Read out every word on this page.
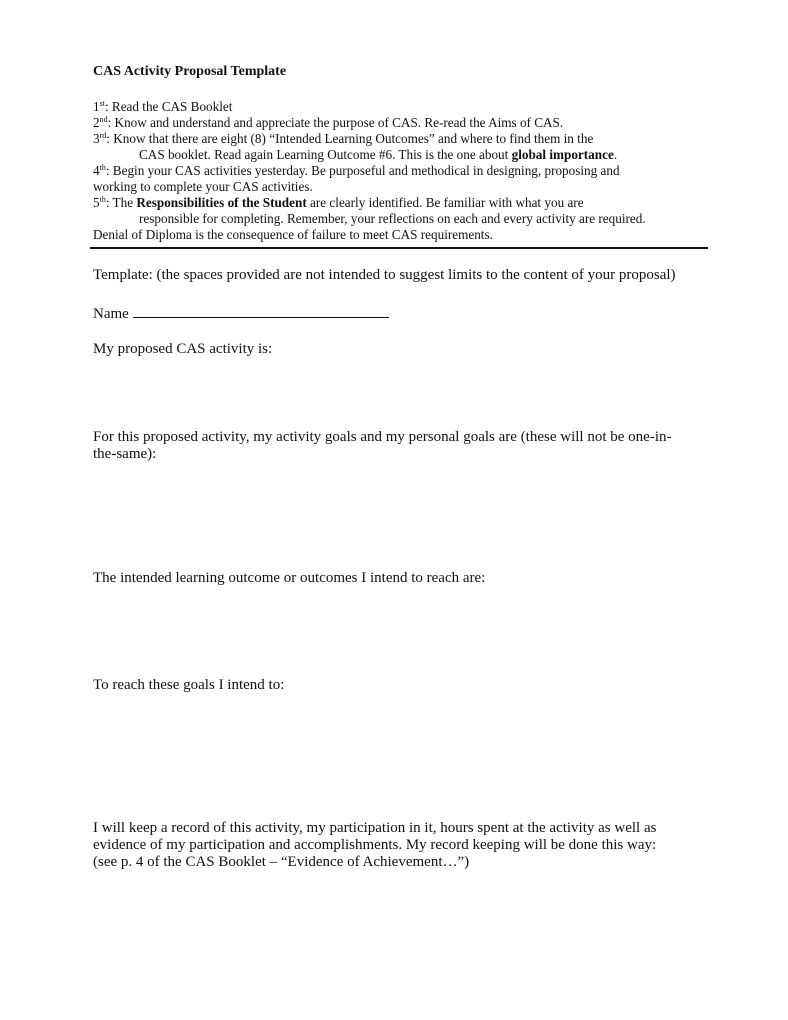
CAS Activity Proposal Template

1st: Read the CAS Booklet

2nd: Know and understand and appreciate the purpose of CAS. Re-read the Aims of CAS.

3rd: Know that there are eight (8) “Intended Learning Outcomes” and where to find them in the

CAS booklet. Read again Learning Outcome #6. This is the one about global importance.

4th: Begin your CAS activities yesterday. Be purposeful and methodical in designing, proposing and

working to complete your CAS activities.

5th: The Responsibilities of the Student are clearly identified. Be familiar with what you are

responsible for completing. Remember, your reflections on each and every activity are required.

Denial of Diploma is the consequence of failure to meet CAS requirements.

Template: (the spaces provided are not intended to suggest limits to the content of your proposal)
Name
My proposed CAS activity is:
For this proposed activity, my activity goals and my personal goals are (these will not be one-in-the-same):
The intended learning outcome or outcomes I intend to reach are:
To reach these goals I intend to:
I will keep a record of this activity, my participation in it, hours spent at the activity as well as
evidence of my participation and accomplishments. My record keeping will be done this way:
(see p. 4 of the CAS Booklet – “Evidence of Achievement…”)
